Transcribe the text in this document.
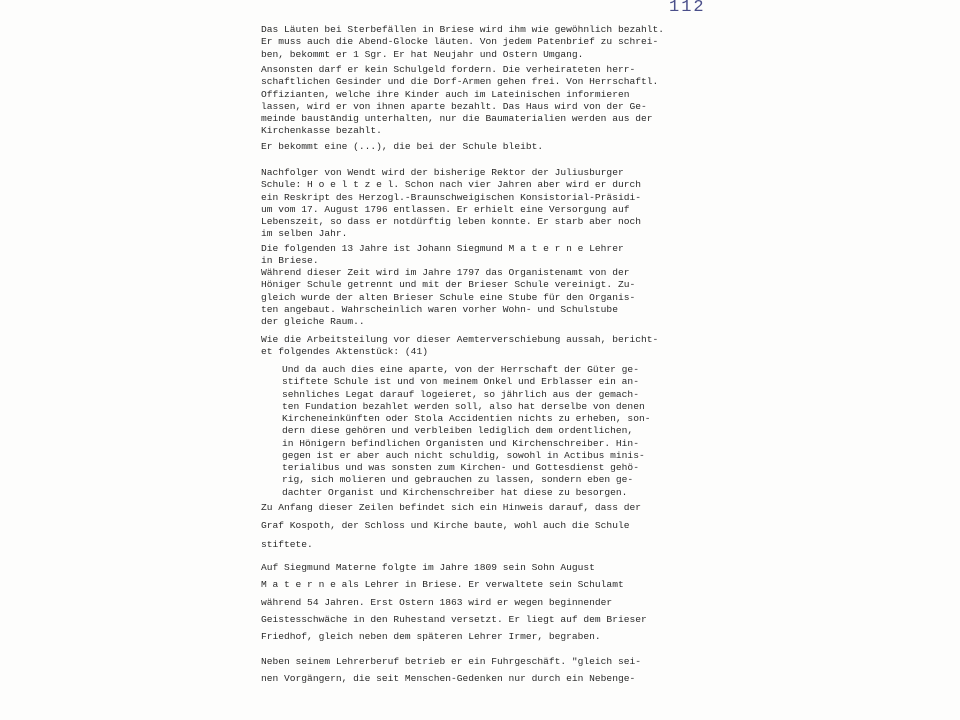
112
Das Läuten bei Sterbefällen in Briese wird ihm wie gewöhnlich bezahlt.
Er muss auch die Abend-Glocke läuten. Von jedem Patenbrief zu schrei-
ben, bekommt er 1 Sgr. Er hat Neujahr und Ostern Umgang.
Ansonsten darf er kein Schulgeld fordern. Die verheirateten herr-
schaftlichen Gesinder und die Dorf-Armen gehen frei. Von Herrschaftl.
Offizianten, welche ihre Kinder auch im Lateinischen informieren
lassen, wird er von ihnen aparte bezahlt. Das Haus wird von der Ge-
meinde baustāndig unterhalten, nur die Baumaterialien werden aus der
Kirchenkasse bezahlt.
Er bekommt eine (...), die bei der Schule bleibt.
Nachfolger von Wendt wird der bisherige Rektor der Juliusburger
Schule: H o e l t z e l. Schon nach vier Jahren aber wird er durch
ein Reskript des Herzogl.-Braunschweigischen Konsistorial-Präsidi-
um vom 17. August 1796 entlassen. Er erhielt eine Versorgung auf
Lebenszeit, so dass er notdürftig leben konnte. Er starb aber noch
im selben Jahr.
Die folgenden 13 Jahre ist Johann Siegmund M a t e r n e Lehrer
in Briese.
Während dieser Zeit wird im Jahre 1797 das Organistenamt von der
Höniger Schule getrennt und mit der Brieser Schule vereinigt. Zu-
gleich wurde der alten Brieser Schule eine Stube für den Organis-
ten angebaut. Wahrscheinlich waren vorher Wohn- und Schulstube
der gleiche Raum..
Wie die Arbeitsteilung vor dieser Aemterverschiebung aussah, bericht-
et folgendes Aktenstück: (41)
Und da auch dies eine aparte, von der Herrschaft der Güter ge-
stiftete Schule ist und von meinem Onkel und Erblasser ein an-
sehnliches Legat darauf logeieret, so jährlich aus der gemach-
ten Fundation bezahlet werden soll, also hat derselbe von denen
Kircheneinkünften oder Stola Accidentien nichts zu erheben, son-
dern diese gehören und verbleiben lediglich dem ordentlichen,
in Hönigern befindlichen Organisten und Kirchenschreiber. Hin-
gegen ist er aber auch nicht schuldig, sowohl in Actibus minis-
terialibus und was sonsten zum Kirchen- und Gottesdienst gehö-
rig, sich molieren und gebrauchen zu lassen, sondern eben ge-
dachter Organist und Kirchenschreiber hat diese zu besorgen.
Zu Anfang dieser Zeilen befindet sich ein Hinweis darauf, dass der
Graf Kospoth, der Schloss und Kirche baute, wohl auch die Schule
stiftete.
Auf Siegmund Materne folgte im Jahre 1809 sein Sohn August
M a t e r n e als Lehrer in Briese. Er verwaltete sein Schulamt
während 54 Jahren. Erst Ostern 1863 wird er wegen beginnender
Geistesschwäche in den Ruhestand versetzt. Er liegt auf dem Brieser
Friedhof, gleich neben dem späteren Lehrer Irmer, begraben.
Neben seinem Lehrerberuf betrieb er ein Fuhrgeschäft. "gleich sei-
nen Vorgängern, die seit Menschen-Gedenken nur durch ein Nebenge-
